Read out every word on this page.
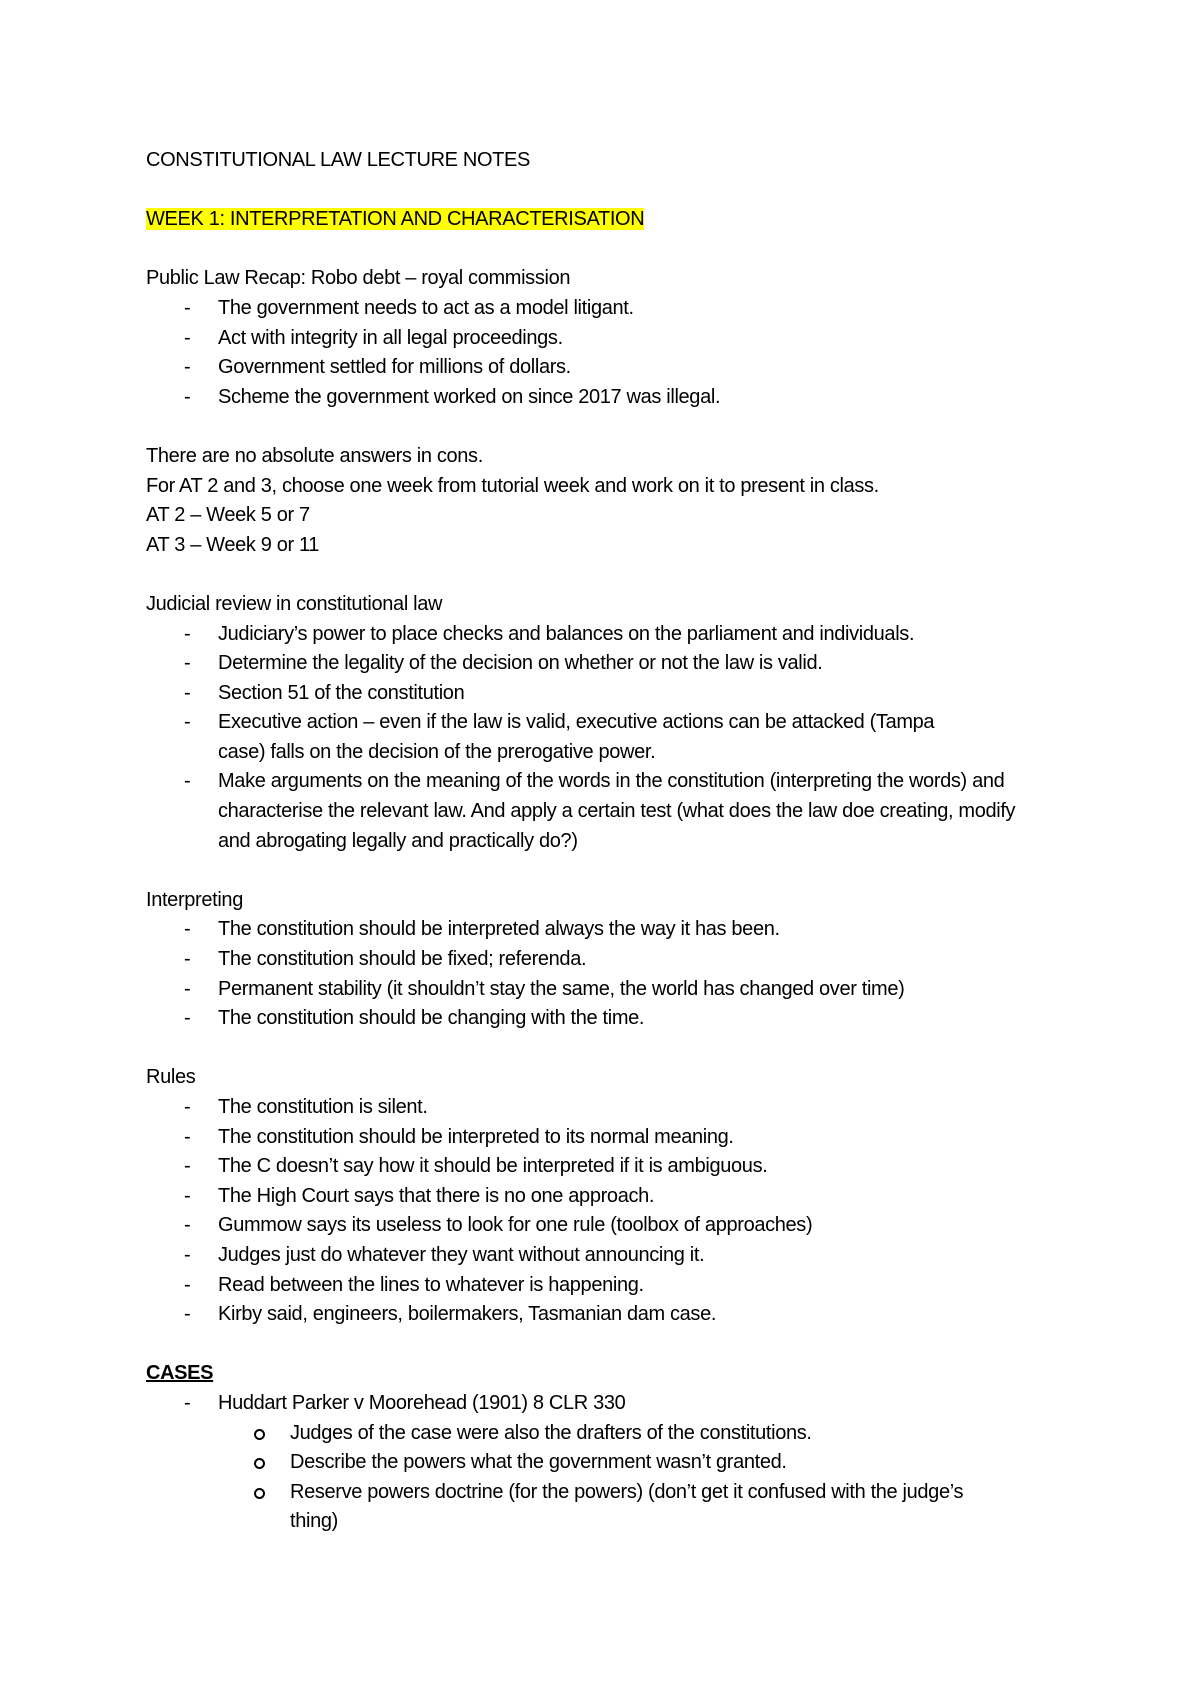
CONSTITUTIONAL LAW LECTURE NOTES

WEEK 1: INTERPRETATION AND CHARACTERISATION

Public Law Recap: Robo debt – royal commission

- The government needs to act as a model litigant.
- Act with integrity in all legal proceedings.
- Government settled for millions of dollars.
- Scheme the government worked on since 2017 was illegal.

There are no absolute answers in cons.

For AT 2 and 3, choose one week from tutorial week and work on it to present in class.

AT 2 – Week 5 or 7

AT 3 – Week 9 or 11

Judicial review in constitutional law

- Judiciary’s power to place checks and balances on the parliament and individuals.
- Determine the legality of the decision on whether or not the law is valid.
- Section 51 of the constitution
- Executive action – even if the law is valid, executive actions can be attacked (Tampa case) falls on the decision of the prerogative power.
- Make arguments on the meaning of the words in the constitution (interpreting the words) and characterise the relevant law. And apply a certain test (what does the law doe creating, modify and abrogating legally and practically do?)

Interpreting

- The constitution should be interpreted always the way it has been.
- The constitution should be fixed; referenda.
- Permanent stability (it shouldn’t stay the same, the world has changed over time)
- The constitution should be changing with the time.

Rules

- The constitution is silent.
- The constitution should be interpreted to its normal meaning.
- The C doesn’t say how it should be interpreted if it is ambiguous.
- The High Court says that there is no one approach.
- Gummow says its useless to look for one rule (toolbox of approaches)
- Judges just do whatever they want without announcing it.
- Read between the lines to whatever is happening.
- Kirby said, engineers, boilermakers, Tasmanian dam case.

CASES

- Huddart Parker v Moorehead (1901) 8 CLR 330
Judges of the case were also the drafters of the constitutions.
Describe the powers what the government wasn’t granted.
Reserve powers doctrine (for the powers) (don’t get it confused with the judge’s thing)
